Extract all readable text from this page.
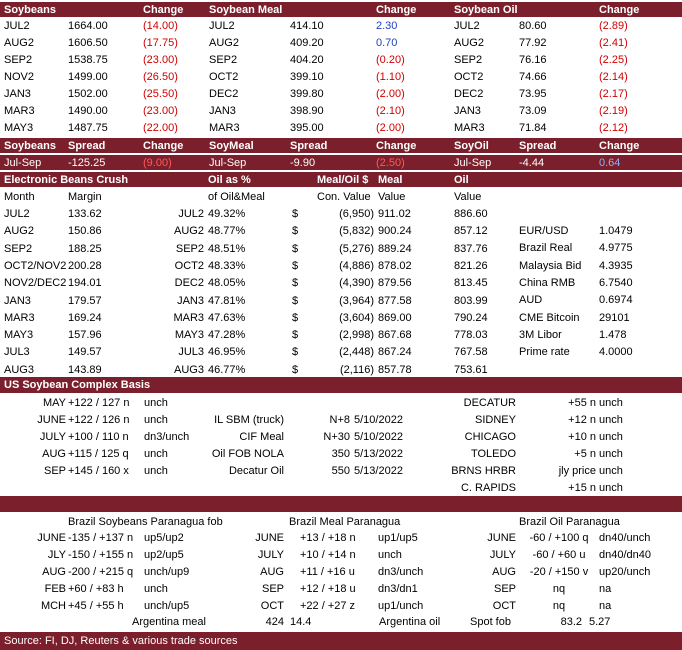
Soybeans	Change Soybean Meal	Change	Soybean Oil	Change
JUL2	1664.00	(14.00)	JUL2	414.10	2.30	JUL2	80.60	(2.89)
AUG2	1606.50	(17.75)	AUG2	409.20	0.70	AUG2	77.92	(2.41)
SEP2	1538.75	(23.00)	SEP2	404.20	(0.20)	SEP2	76.16	(2.25)
NOV2	1499.00	(26.50)	OCT2	399.10	(1.10)	OCT2	74.66	(2.14)
JAN3	1502.00	(25.50)	DEC2	399.80	(2.00)	DEC2	73.95	(2.17)
MAR3	1490.00	(23.00)	JAN3	398.90	(2.10)	JAN3	73.09	(2.19)
MAY3	1487.75	(22.00)	MAR3	395.00	(2.00)	MAR3	71.84	(2.12)
Soybeans Spread	Change SoyMeal	Spread	Change	SoyOil	Spread	Change
Jul-Sep -125.25	(9.00)	Jul-Sep	-9.90	(2.50)	Jul-Sep	-4.44	0.64
Electronic Beans Crush	Oil as %	Meal/Oil $ Meal	Oil
Month	Margin	of Oil&Meal	Con. Value Value	Value
JUL2	133.62	JUL2 49.32%	$	(6,950) 911.02	886.60
AUG2	150.86	AUG2 48.77%	$	(5,832) 900.24	857.12
SEP2	188.25	SEP2 48.51%	$	(5,276) 889.24	837.76
OCT2/NOV2 200.28	OCT2 48.33%	$	(4,886) 878.02	821.26
NOV2/DEC2 194.01	DEC2 48.05%	$	(4,390) 879.56	813.45
JAN3	179.57	JAN3 47.81%	$	(3,964) 877.58	803.99
MAR3	169.24	MAR3 47.63%	$	(3,604) 869.00	790.24
MAY3	157.96	MAY3 47.28%	$	(2,998) 867.68	778.03
JUL3	149.57	JUL3 46.95%	$	(2,448) 867.24	767.58
AUG3	143.89	AUG3 46.77%	$	(2,116) 857.78	753.61
EUR/USD	1.0479
Brazil Real 4.9775
Malaysia Bid 4.3935
China RMB 6.7540
AUD	0.6974
CME Bitcoin 29101
3M Libor	1.478
Prime rate	4.0000
US Soybean Complex Basis
MAY +122 / 127 n unch
JUNE +122 / 126 n unch
JULY +100 / 110 n dn3/unch
AUG +115 / 125 q unch
SEP +145 / 160 x unch
IL SBM (truck)	N+8 5/10/2022
CIF Meal	N+30 5/10/2022
Oil FOB NOLA	350 5/13/2022
Decatur Oil	550 5/13/2022
DECATUR	+55 n unch
SIDNEY	+12 n unch
CHICAGO	+10 n unch
TOLEDO	+5 n unch
BRNS HRBR	jly price unch
C. RAPIDS	+15 n unch
Brazil Soybeans Paranagua fob	Brazil Meal Paranagua	Brazil Oil Paranagua
JUNE -135 / +137 n up5/up2	JUNE +13 / +18 n up1/up5	JUNE	-60 / +100 q dn40/unch
JLY -150 / +155 n up2/up5	JULY +10 / +14 n unch	JULY	-60 / +60 u	dn40/dn40
AUG -200 / +215 q unch/up9	AUG +11 / +16 u dn3/unch	AUG	-20 / +150 v up20/unch
FEB +60 / +83 h unch	SEP +12 / +18 u dn3/dn1	SEP	nq	na
MCH +45 / +55 h unch/up5	OCT +22 / +27 z up1/unch	OCT	nq	na
Argentina meal	424 14.4	Argentina oil	Spot fob	83.2 5.27
Source: FI, DJ, Reuters & various trade sources
